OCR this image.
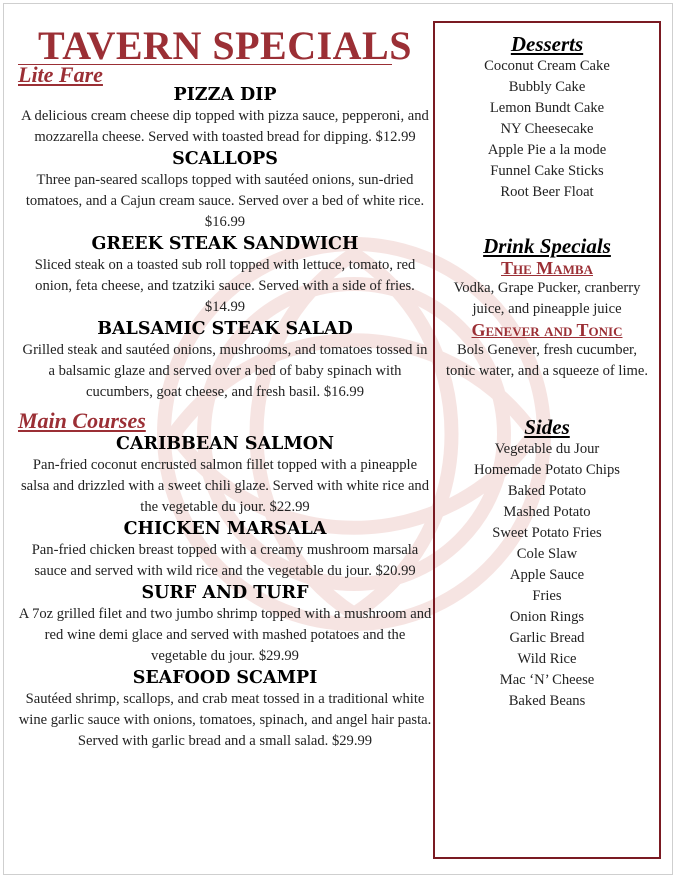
TAVERN SPECIALS
Lite Fare
PIZZA DIP

A delicious cream cheese dip topped with pizza sauce, pepperoni, and mozzarella cheese. Served with toasted bread for dipping. $12.99

SCALLOPS

Three pan-seared scallops topped with sautéed onions, sun-dried tomatoes, and a Cajun cream sauce. Served over a bed of white rice. $16.99

GREEK STEAK SANDWICH

Sliced steak on a toasted sub roll topped with lettuce, tomato, red onion, feta cheese, and tzatziki sauce. Served with a side of fries. $14.99

BALSAMIC STEAK SALAD

Grilled steak and sautéed onions, mushrooms, and tomatoes tossed in a balsamic glaze and served over a bed of baby spinach with cucumbers, goat cheese, and fresh basil. $16.99

Main Courses
CARIBBEAN SALMON

Pan-fried coconut encrusted salmon fillet topped with a pineapple salsa and drizzled with a sweet chili glaze. Served with white rice and the vegetable du jour. $22.99

CHICKEN MARSALA

Pan-fried chicken breast topped with a creamy mushroom marsala sauce and served with wild rice and the vegetable du jour. $20.99

SURF AND TURF

A 7oz grilled filet and two jumbo shrimp topped with a mushroom and red wine demi glace and served with mashed potatoes and the vegetable du jour. $29.99

SEAFOOD SCAMPI

Sautéed shrimp, scallops, and crab meat tossed in a traditional white wine garlic sauce with onions, tomatoes, spinach, and angel hair pasta. Served with garlic bread and a small salad. $29.99

Desserts
Coconut Cream Cake
Bubbly Cake
Lemon Bundt Cake
NY Cheesecake
Apple Pie a la mode
Funnel Cake Sticks
Root Beer Float
Drink Specials
The Mamba

Vodka, Grape Pucker, cranberry juice, and pineapple juice

Genever and Tonic

Bols Genever, fresh cucumber, tonic water, and a squeeze of lime.

Sides
Vegetable du Jour
Homemade Potato Chips
Baked Potato
Mashed Potato
Sweet Potato Fries
Cole Slaw
Apple Sauce
Fries
Onion Rings
Garlic Bread
Wild Rice
Mac ‘N’ Cheese
Baked Beans
